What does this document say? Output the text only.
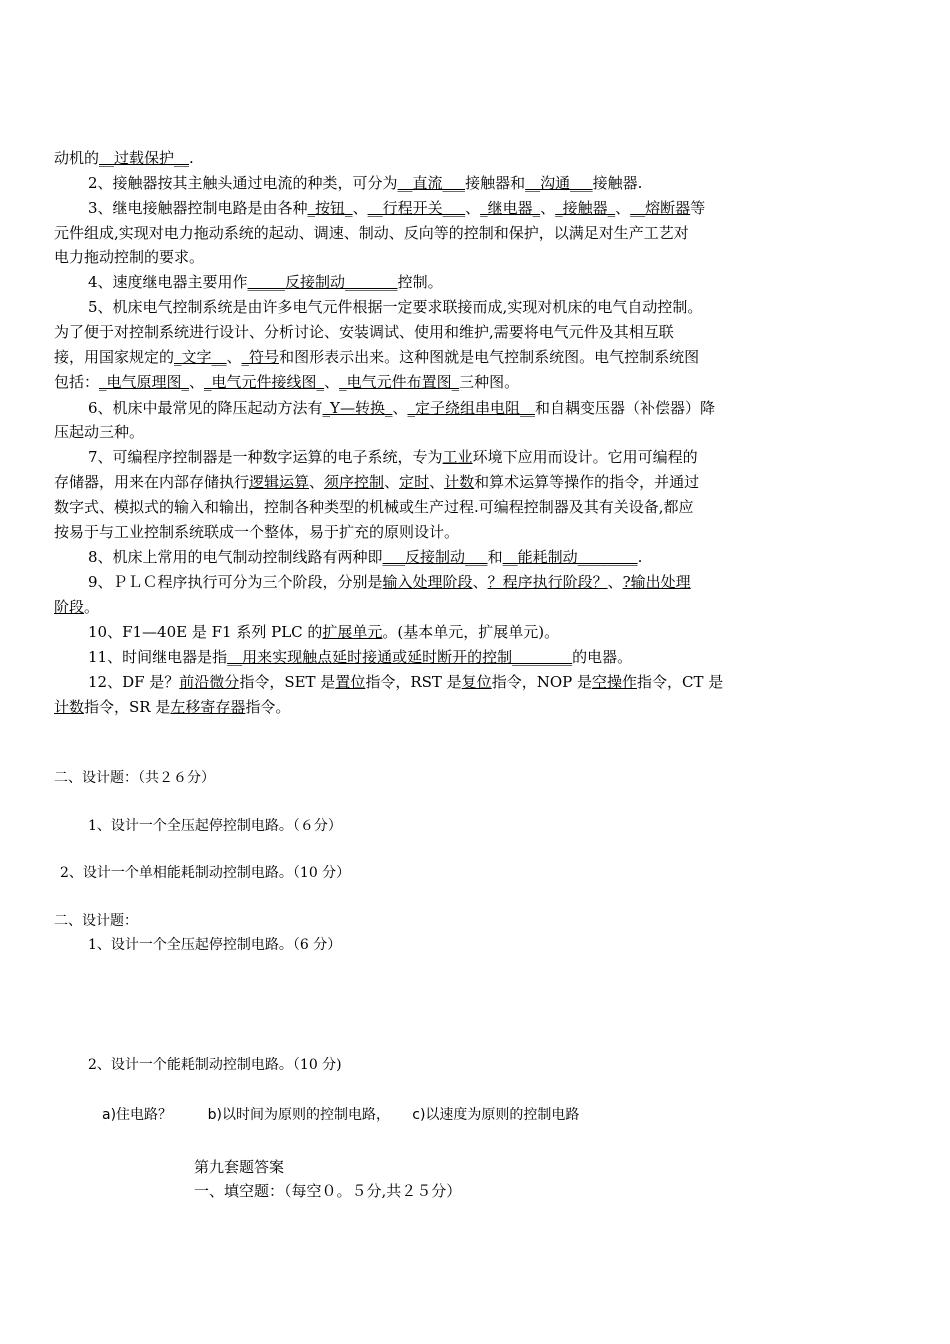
动机的__过载保护__.
2、接触器按其主触头通过电流的种类，可分为__直流___接触器和__沟通___接触器.
3、继电接触器控制电路是由各种_按钮_、__行程开关___、_继电器_、_接触器_、__熔断器等
元件组成,实现对电力拖动系统的起动、调速、制动、反向等的控制和保护，以满足对生产工艺对
电力拖动控制的要求。
4、速度继电器主要用作_____反接制动_______控制。
5、机床电气控制系统是由许多电气元件根据一定要求联接而成,实现对机床的电气自动控制。
为了便于对控制系统进行设计、分析讨论、安装调试、使用和维护,需要将电气元件及其相互联
接，用国家规定的_文字__、_符号和图形表示出来。这种图就是电气控制系统图。电气控制系统图
包括：_电气原理图_、_电气元件接线图_、_电气元件布置图_三种图。
6、机床中最常见的降压起动方法有_Y—转换_、_定子绕组串电阻__和自耦变压器（补偿器）降
压起动三种。
7、可编程序控制器是一种数字运算的电子系统，专为工业环境下应用而设计。它用可编程的
存储器，用来在内部存储执行逻辑运算、须序控制、定时、计数和算术运算等操作的指令，并通过
数字式、模拟式的输入和输出，控制各种类型的机械或生产过程.可编程控制器及其有关设备,都应
按易于与工业控制系统联成一个整体，易于扩充的原则设计。
8、机床上常用的电气制动控制线路有两种即___反接制动___和__能耗制动________.
9、ＰＬＣ程序执行可分为三个阶段，分别是输入处理阶段、？程序执行阶段？、?输出处理
阶段。
10、F1—40E 是 F1 系列 PLC 的扩展单元。(基本单元，扩展单元)。
11、时间继电器是指__用来实现触点延时接通或延时断开的控制________的电器。
12、DF 是？前沿微分指令，SET 是置位指令，RST 是复位指令，NOP 是空操作指令，CT 是
计数指令，SR 是左移寄存器指令。
二、设计题：（共２６分）
1、设计一个全压起停控制电路。（６分）
2、设计一个单相能耗制动控制电路。（10 分）
二、设计题：
1、设计一个全压起停控制电路。（6 分）
2、设计一个能耗制动控制电路。（10 分)
a)住电路？        b)以时间为原则的控制电路，     c)以速度为原则的控制电路
第九套题答案
一、填空题：（每空０。５分,共２５分）
